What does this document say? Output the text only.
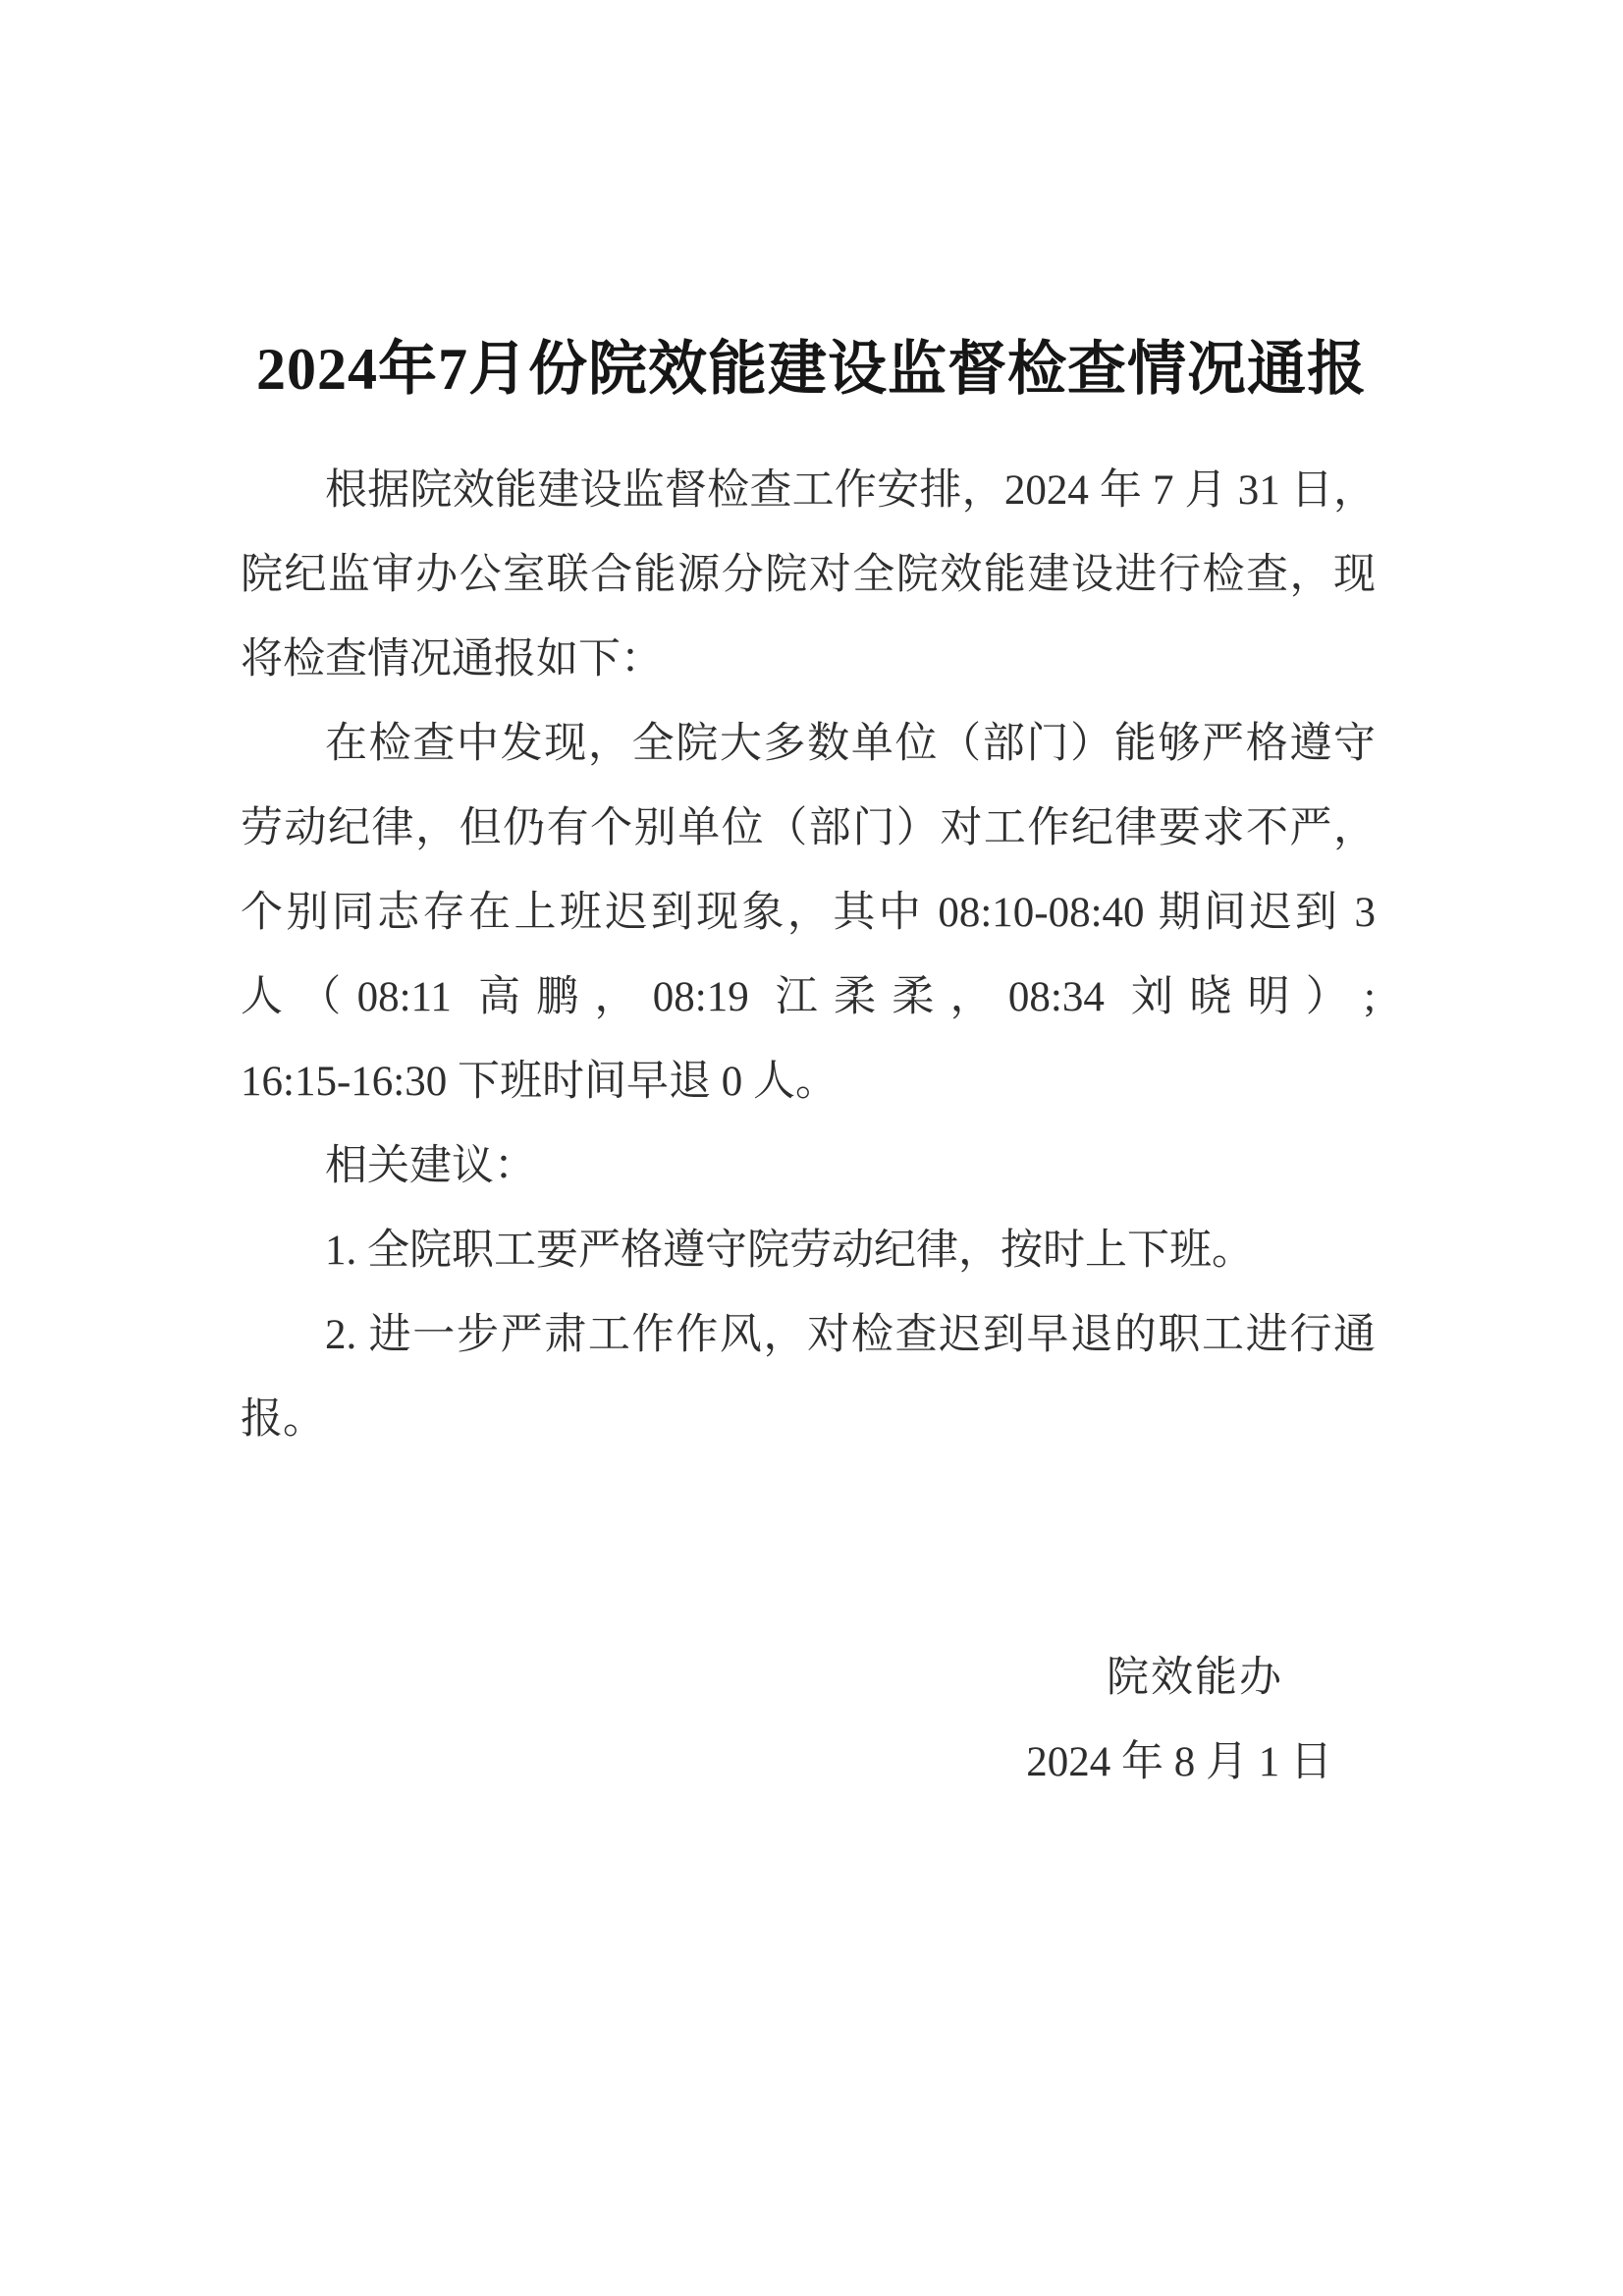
2024年7月份院效能建设监督检查情况通报
根据院效能建设监督检查工作安排，2024 年 7 月 31 日，
院纪监审办公室联合能源分院对全院效能建设进行检查，现
将检查情况通报如下：
在检查中发现，全院大多数单位（部门）能够严格遵守
劳动纪律，但仍有个别单位（部门）对工作纪律要求不严，
个别同志存在上班迟到现象，其中 08:10-08:40 期间迟到 3
人（08:11 高鹏，08:19 江柔柔，08:34 刘晓明）;
16:15-16:30 下班时间早退 0 人。
相关建议：
1. 全院职工要严格遵守院劳动纪律，按时上下班。
2. 进一步严肃工作作风，对检查迟到早退的职工进行通
报。
院效能办
2024 年 8 月 1 日
